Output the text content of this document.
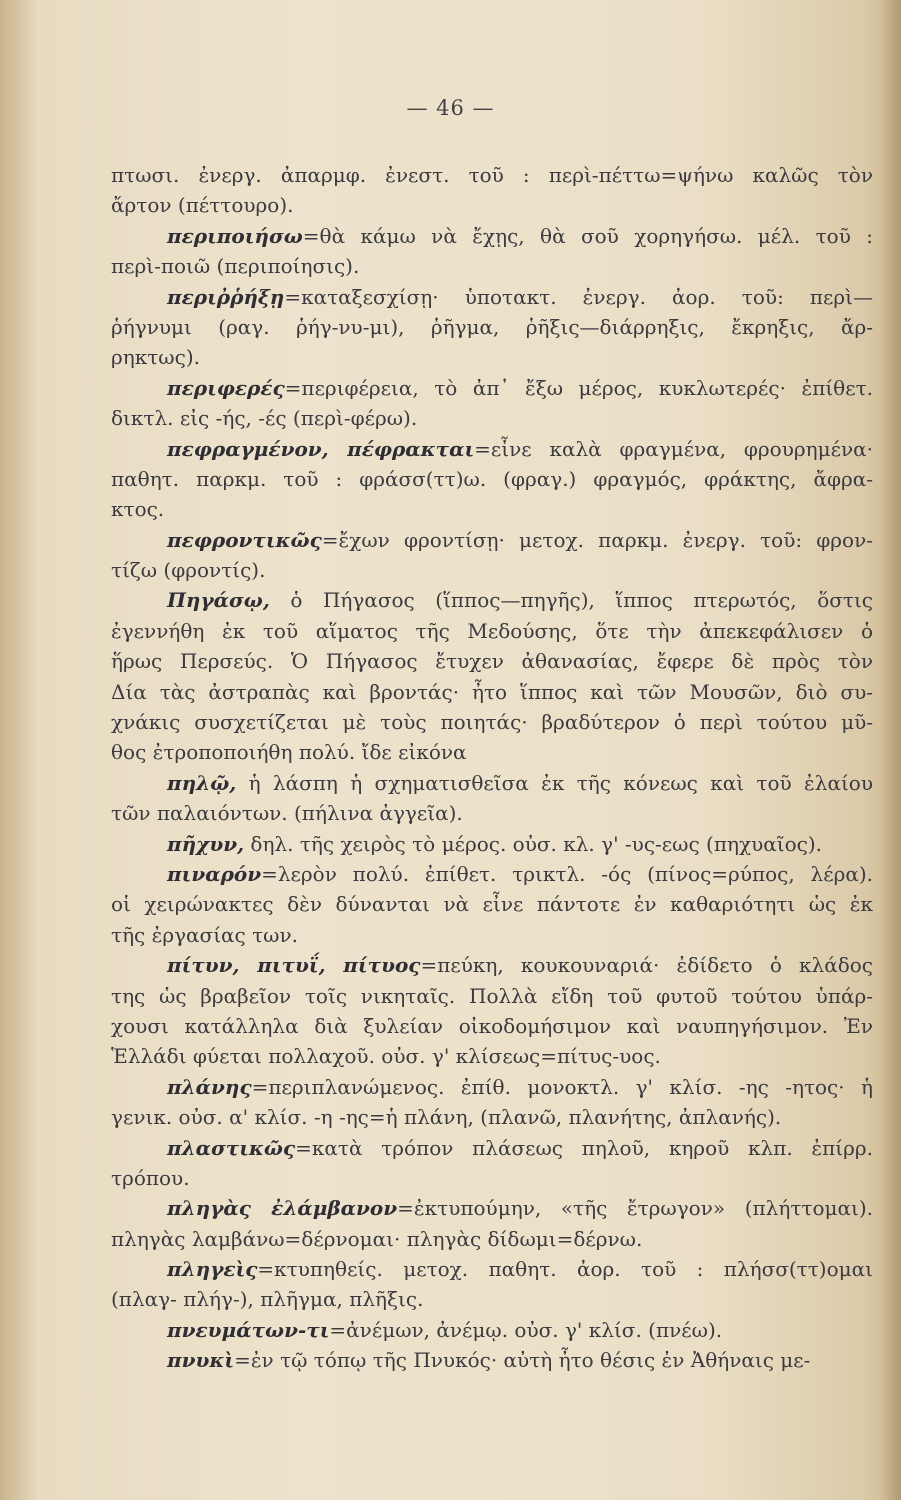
— 46 —
πτωσι. ἐνεργ. ἀπαρμφ. ἐνεστ. τοῦ : περὶ-πέττω=ψήνω καλῶς τὸν
ἄρτον (πέττουρο).
περιποιήσω=θὰ κάμω νὰ ἔχῃς, θὰ σοῦ χορηγήσω. μέλ. τοῦ :
περὶ-ποιῶ (περιποίησις).
περιῤῥήξῃ=καταξεσχίσῃ· ὑποτακτ. ἐνεργ. ἀορ. τοῦ: περὶ—
ῥήγνυμι (ραγ. ῥήγ-νυ-μι), ῥῆγμα, ῥῆξις—διάρρηξις, ἔκρηξις, ἄρ-
ρηκτως).
περιφερές=περιφέρεια, τὸ ἀπ᾽ ἔξω μέρος, κυκλωτερές· ἐπίθετ.
δικτλ. εἰς -ής, -ές (περὶ-φέρω).
πεφραγμένον, πέφρακται=εἶνε καλὰ φραγμένα, φρουρημένα·
παθητ. παρκμ. τοῦ : φράσσ(ττ)ω. (φραγ.) φραγμός, φράκτης, ἄφρα-
κτος.
πεφροντικῶς=ἔχων φροντίσῃ· μετοχ. παρκμ. ἐνεργ. τοῦ: φρον-
τίζω (φροντίς).
Πηγάσῳ, ὁ Πήγασος (ἵππος—πηγῆς), ἵππος πτερωτός, ὅστις
ἐγεννήθη ἐκ τοῦ αἵματος τῆς Μεδούσης, ὅτε τὴν ἀπεκεφάλισεν ὁ
ἥρως Περσεύς. Ὁ Πήγασος ἔτυχεν ἀθανασίας, ἔφερε δὲ πρὸς τὸν
Δία τὰς ἀστραπὰς καὶ βροντάς· ἦτο ἵππος καὶ τῶν Μουσῶν, διὸ συ-
χνάκις συσχετίζεται μὲ τοὺς ποιητάς· βραδύτερον ὁ περὶ τούτου μῦ-
θος ἐτροποποιήθη πολύ. ἴδε εἰκόνα
πηλῷ, ἡ λάσπη ἡ σχηματισθεῖσα ἐκ τῆς κόνεως καὶ τοῦ ἐλαίου
τῶν παλαιόντων. (πήλινα ἀγγεῖα).
πῆχυν, δηλ. τῆς χειρὸς τὸ μέρος. οὐσ. κλ. γ' -υς-εως (πηχυαῖος).
πιναρόν=λερὸν πολύ. ἐπίθετ. τρικτλ. -ός (πίνος=ρύπος, λέρα).
οἱ χειρώνακτες δὲν δύνανται νὰ εἶνε πάντοτε ἐν καθαριότητι ὡς ἐκ
τῆς ἐργασίας των.
πίτυν, πιτυΐ, πίτυος=πεύκη, κουκουναριά· ἐδίδετο ὁ κλάδος
της ὡς βραβεῖον τοῖς νικηταῖς. Πολλὰ εἴδη τοῦ φυτοῦ τούτου ὑπάρ-
χουσι κατάλληλα διὰ ξυλείαν οἰκοδομήσιμον καὶ ναυπηγήσιμον. Ἐν
Ἑλλάδι φύεται πολλαχοῦ. οὐσ. γ' κλίσεως=πίτυς-υος.
πλάνης=περιπλανώμενος. ἐπίθ. μονοκτλ. γ' κλίσ. -ης -ητος· ἡ
γενικ. οὐσ. α' κλίσ. -η -ης=ἡ πλάνη, (πλανῶ, πλανήτης, ἀπλανής).
πλαστικῶς=κατὰ τρόπον πλάσεως πηλοῦ, κηροῦ κλπ. ἐπίρρ.
τρόπου.
πληγὰς ἐλάμβανον=ἐκτυπούμην, «τῆς ἔτρωγον» (πλήττομαι).
πληγὰς λαμβάνω=δέρνομαι· πληγὰς δίδωμι=δέρνω.
πληγεὶς=κτυπηθείς. μετοχ. παθητ. ἀορ. τοῦ : πλήσσ(ττ)ομαι
(πλαγ- πλήγ-), πλῆγμα, πλῆξις.
πνευμάτων-τι=ἀνέμων, ἀνέμῳ. οὐσ. γ' κλίσ. (πνέω).
πνυκὶ=ἐν τῷ τόπῳ τῆς Πνυκός· αὐτὴ ἦτο θέσις ἐν Ἀθήναις με-
